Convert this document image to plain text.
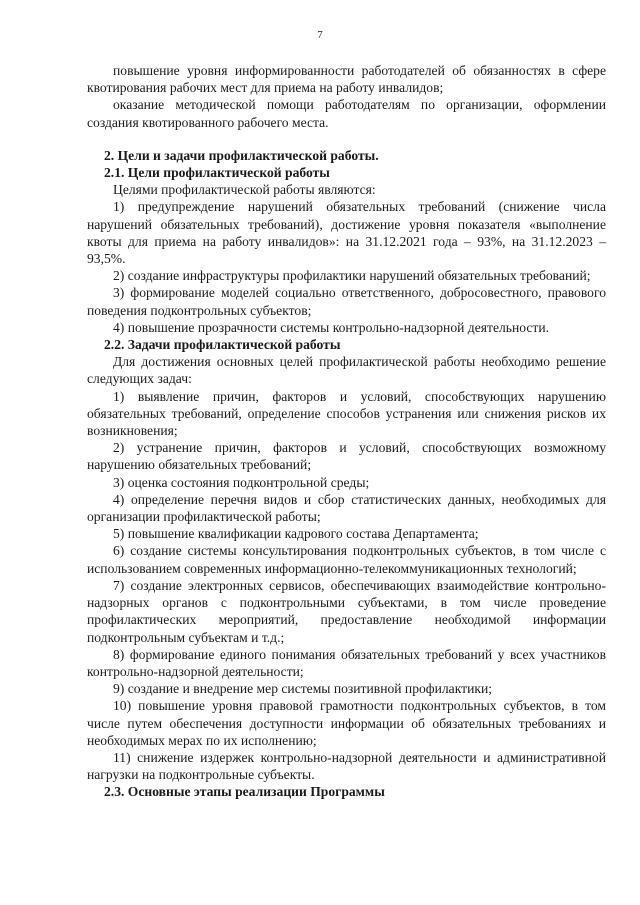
7

повышение уровня информированности работодателей об обязанностях в сфере квотирования рабочих мест для приема на работу инвалидов;

оказание методической помощи работодателям по организации, оформлении создания квотированного рабочего места.

2. Цели и задачи профилактической работы.

2.1. Цели профилактической работы

Целями профилактической работы являются:

1) предупреждение нарушений обязательных требований (снижение числа нарушений обязательных требований), достижение уровня показателя «выполнение квоты для приема на работу инвалидов»: на 31.12.2021 года – 93%, на 31.12.2023 – 93,5%.

2) создание инфраструктуры профилактики нарушений обязательных требований;

3) формирование моделей социально ответственного, добросовестного, правового поведения подконтрольных субъектов;

4) повышение прозрачности системы контрольно-надзорной деятельности.

2.2. Задачи профилактической работы

Для достижения основных целей профилактической работы необходимо решение следующих задач:

1) выявление причин, факторов и условий, способствующих нарушению обязательных требований, определение способов устранения или снижения рисков их возникновения;

2) устранение причин, факторов и условий, способствующих возможному нарушению обязательных требований;

3) оценка состояния подконтрольной среды;

4) определение перечня видов и сбор статистических данных, необходимых для организации профилактической работы;

5) повышение квалификации кадрового состава Департамента;

6) создание системы консультирования подконтрольных субъектов, в том числе с использованием современных информационно-телекоммуникационных технологий;

7) создание электронных сервисов, обеспечивающих взаимодействие контрольно-надзорных органов с подконтрольными субъектами, в том числе проведение профилактических мероприятий, предоставление необходимой информации подконтрольным субъектам и т.д.;

8) формирование единого понимания обязательных требований у всех участников контрольно-надзорной деятельности;

9) создание и внедрение мер системы позитивной профилактики;

10) повышение уровня правовой грамотности подконтрольных субъектов, в том числе путем обеспечения доступности информации об обязательных требованиях и необходимых мерах по их исполнению;

11) снижение издержек контрольно-надзорной деятельности и административной нагрузки на подконтрольные субъекты.

2.3. Основные этапы реализации Программы
